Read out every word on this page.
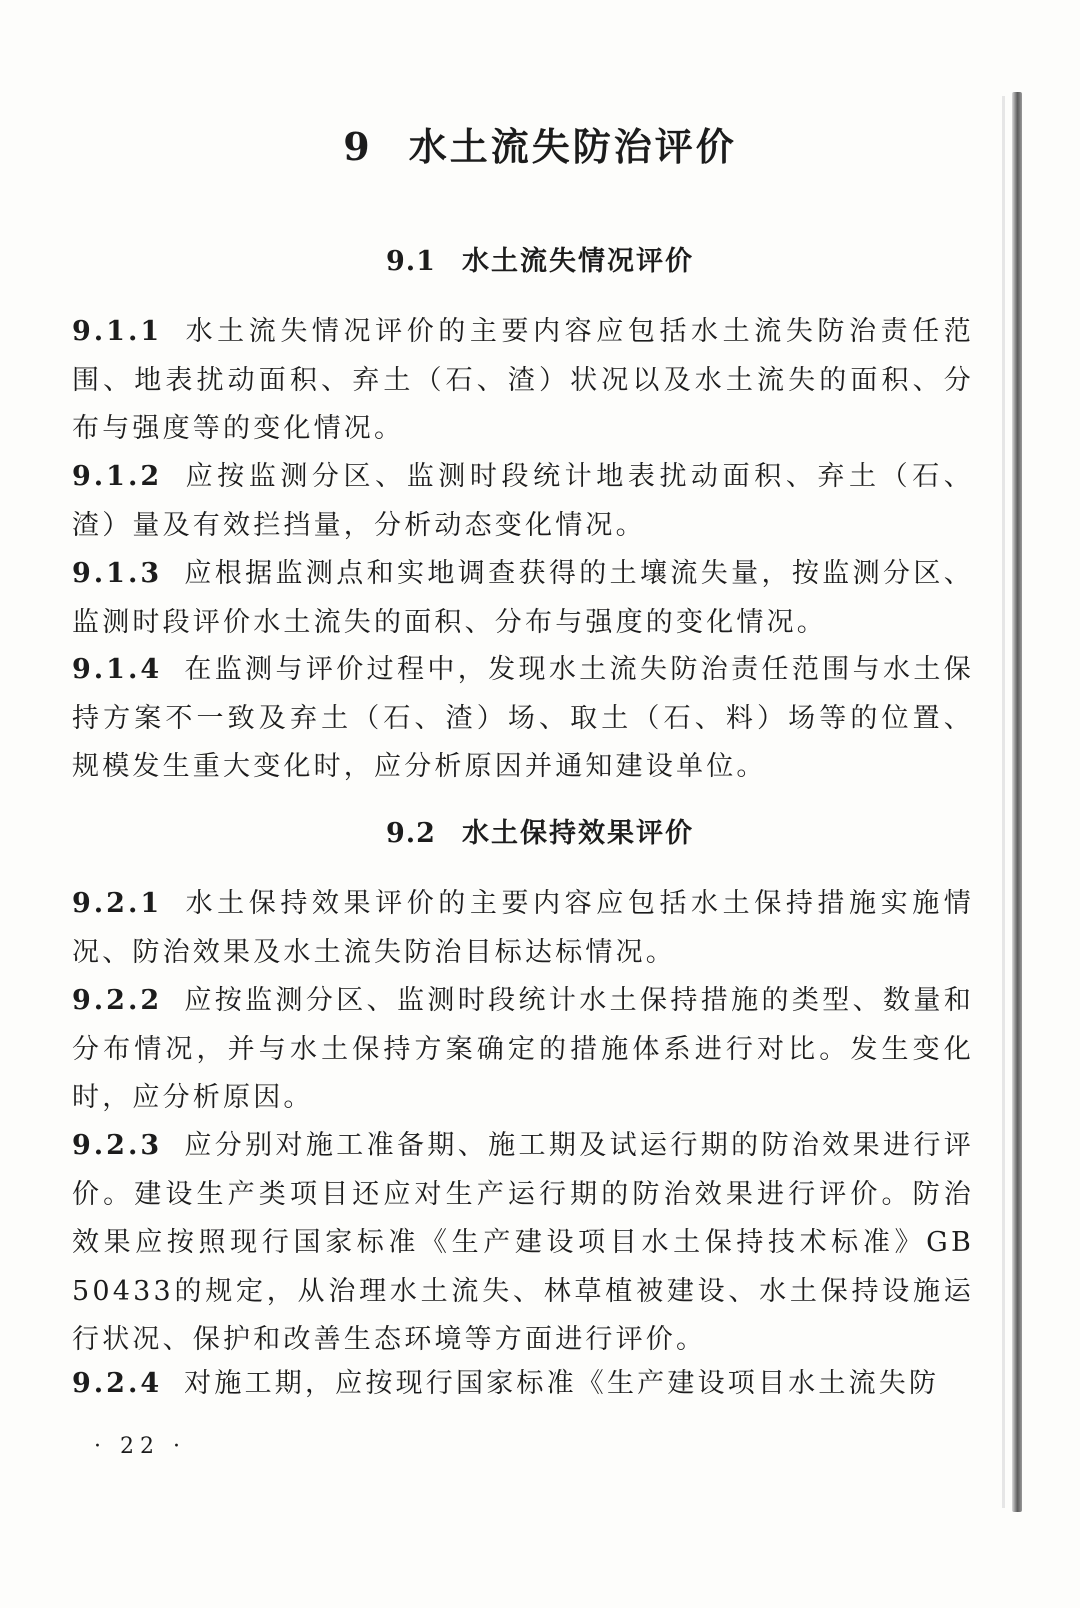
9 水土流失防治评价
9.1 水土流失情况评价

9.1.1 水土流失情况评价的主要内容应包括水土流失防治责任范围、地表扰动面积、弃土（石、渣）状况以及水土流失的面积、分布与强度等的变化情况。

9.1.2 应按监测分区、监测时段统计地表扰动面积、弃土（石、渣）量及有效拦挡量，分析动态变化情况。

9.1.3 应根据监测点和实地调查获得的土壤流失量，按监测分区、监测时段评价水土流失的面积、分布与强度的变化情况。

9.1.4 在监测与评价过程中，发现水土流失防治责任范围与水土保持方案不一致及弃土（石、渣）场、取土（石、料）场等的位置、规模发生重大变化时，应分析原因并通知建设单位。

9.2 水土保持效果评价

9.2.1 水土保持效果评价的主要内容应包括水土保持措施实施情况、防治效果及水土流失防治目标达标情况。

9.2.2 应按监测分区、监测时段统计水土保持措施的类型、数量和分布情况，并与水土保持方案确定的措施体系进行对比。发生变化时，应分析原因。

9.2.3 应分别对施工准备期、施工期及试运行期的防治效果进行评价。建设生产类项目还应对生产运行期的防治效果进行评价。防治效果应按照现行国家标准《生产建设项目水土保持技术标准》GB 50433的规定，从治理水土流失、林草植被建设、水土保持设施运行状况、保护和改善生态环境等方面进行评价。

9.2.4 对施工期，应按现行国家标准《生产建设项目水土流失防

· 22 ·
